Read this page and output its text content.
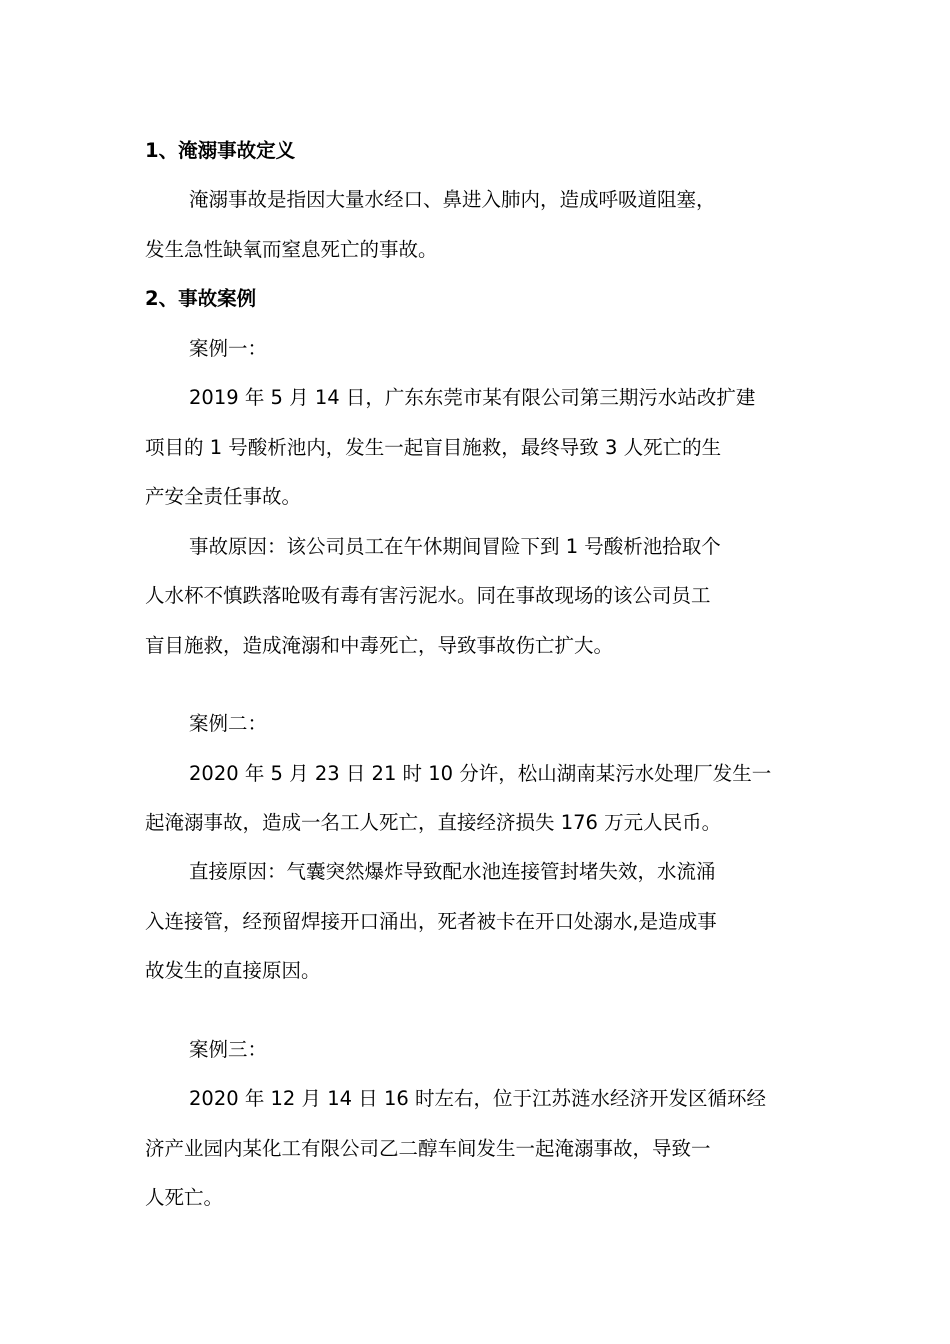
1、淹溺事故定义
淹溺事故是指因大量水经口、鼻进入肺内，造成呼吸道阻塞，
发生急性缺氧而窒息死亡的事故。
2、事故案例
案例一：
2019 年 5 月 14 日，广东东莞市某有限公司第三期污水站改扩建
项目的 1 号酸析池内，发生一起盲目施救，最终导致 3 人死亡的生
产安全责任事故。
事故原因：该公司员工在午休期间冒险下到 1 号酸析池拾取个
人水杯不慎跌落呛吸有毒有害污泥水。同在事故现场的该公司员工
盲目施救，造成淹溺和中毒死亡，导致事故伤亡扩大。
案例二：
2020 年 5 月 23 日 21 时 10 分许，松山湖南某污水处理厂发生一
起淹溺事故，造成一名工人死亡，直接经济损失 176 万元人民币。
直接原因：气囊突然爆炸导致配水池连接管封堵失效，水流涌
入连接管，经预留焊接开口涌出，死者被卡在开口处溺水,是造成事
故发生的直接原因。
案例三：
2020 年 12 月 14 日 16 时左右，位于江苏涟水经济开发区循环经
济产业园内某化工有限公司乙二醇车间发生一起淹溺事故，导致一
人死亡。
